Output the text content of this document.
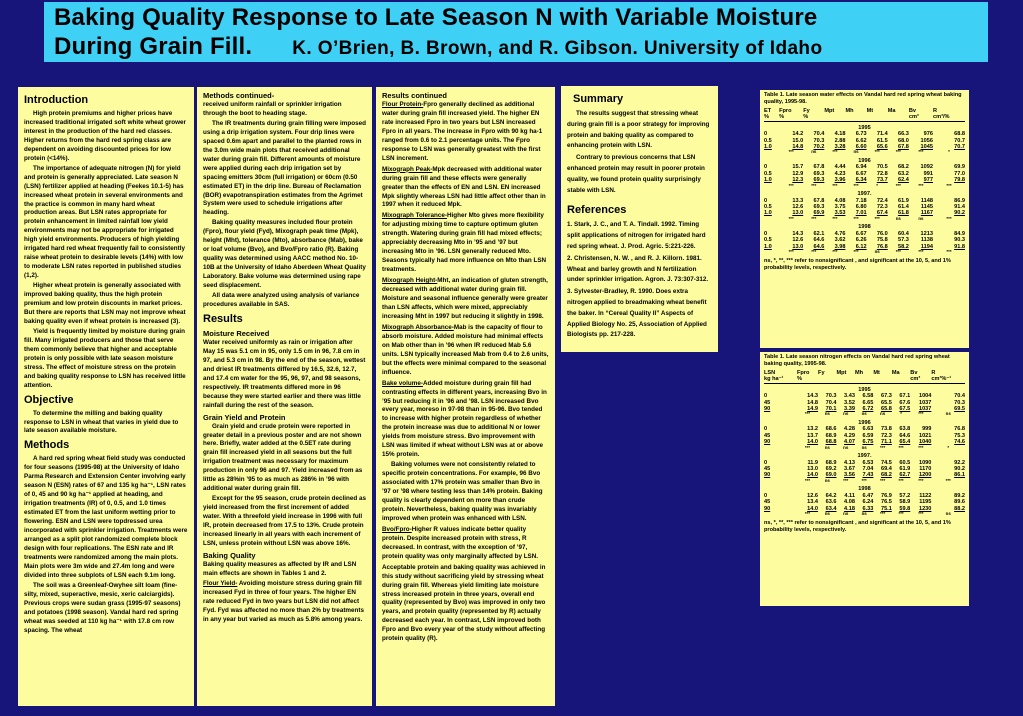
Baking Quality Response to Late Season N with Variable Moisture
During Grain Fill. K. O’Brien, B. Brown, and R. Gibson. University of Idaho
Introduction

High protein premiums and higher prices have increased traditional irrigated soft white wheat grower interest in the production of the hard red classes. Higher returns from the hard red spring class are dependent on avoiding discounted prices for low protein (<14%).

The importance of adequate nitrogen (N) for yield and protein is generally appreciated. Late season N (LSN) fertilizer applied at heading (Feekes 10.1-5) has increased wheat protein in several environments and the practice is common in many hard wheat production areas. But LSN rates appropriate for protein enhancement in limited rainfall low yield environments may not be appropriate for irrigated high yield environments. Producers of high yielding irrigated hard red wheat frequently fail to consistently raise wheat protein to desirable levels (14%) with low to moderate LSN rates reported in published studies (1,2).

Higher wheat protein is generally associated with improved baking quality, thus the high protein premium and low protein discounts in market prices. But there are reports that LSN may not improve wheat baking quality even if wheat protein is increased (3).

Yield is frequently limited by moisture during grain fill. Many irrigated producers and those that serve them commonly believe that higher and acceptable protein is only possible with late season moisture stress. The effect of moisture stress on the protein and baking quality response to LSN has received little attention.

Objective

To determine the milling and baking quality response to LSN in wheat that varies in yield due to late season available moisture.

Methods

A hard red spring wheat field study was conducted for four seasons (1995-98) at the University of Idaho Parma Research and Extension Center involving early season N (ESN) rates of 67 and 135 kg ha⁻¹, LSN rates of 0, 45 and 90 kg ha⁻¹ applied at heading, and irrigation treatments (IR) of 0, 0.5, and 1.0 times estimated ET from the last uniform wetting prior to flowering. ESN and LSN were topdressed urea incorporated with sprinkler irrigation. Treatments were arranged as a split plot randomized complete block design with four replications. The ESN rate and IR treatments were randomized among the main plots. Main plots were 3m wide and 27.4m long and were divided into three subplots of LSN each 9.1m long.

The soil was a Greenleaf-Owyhee silt loam (fine-silty, mixed, superactive, mesic, xeric calciargids). Previous crops were sudan grass (1995-97 seasons) and potatoes (1998 season). Vandal hard red spring wheat was seeded at 110 kg ha⁻¹ with 17.8 cm row spacing. The wheat

Methods continued-

received uniform rainfall or sprinkler irrigation through the boot to heading stage.

The IR treatments during grain filling were imposed using a drip irrigation system. Four drip lines were spaced 0.6m apart and parallel to the planted rows in the 3.0m wide main plots that received additional water during grain fill. Different amounts of moisture were applied during each drip irrigation set by spacing emitters 30cm (full irrigation) or 60cm (0.50 estimated ET) in the drip line. Bureau of Reclamation (BOR) evapotranspiration estimates from the Agrimet System were used to schedule irrigations after heading.

Baking quality measures included flour protein (Fpro), flour yield (Fyd), Mixograph peak time (Mpk), height (Mht), tolerance (Mto), absorbance (Mab), bake or loaf volume (Bvo), and Bvo/Fpro ratio (R). Baking quality was determined using AACC method No. 10-10B at the University of Idaho Aberdeen Wheat Quality Laboratory. Bake volume was determined using rape seed displacement.

All data were analyzed using analysis of variance procedures available in SAS.

Results
Moisture Received

Water received uniformly as rain or irrigation after May 15 was 5.1 cm in 95, only 1.5 cm in 96, 7.8 cm in 97, and 5.3 cm in 98. By the end of the season, wettest and driest IR treatments differed by 16.5, 32.6, 12.7, and 17.4 cm water for the 95, 96, 97, and 98 seasons, respectively. IR treatments differed more in 96 because they were started earlier and there was little rainfall during the rest of the season.

Grain Yield and Protein

Grain yield and crude protein were reported in greater detail in a previous poster and are not shown here. Briefly, water added at the 0.5ET rate during grain fill increased yield in all seasons but the full irrigation treatment was necessary for maximum production in only 96 and 97. Yield increased from as little as 28%in ’95 to as much as 286% in ’96 with additional water during grain fill.

Except for the 95 season, crude protein declined as yield increased from the first increment of added water. With a threefold yield increase in 1996 with full IR, protein decreased from 17.5 to 13%. Crude protein increased linearly in all years with each increment of LSN, unless protein without LSN was above 16%.

Baking Quality

Baking quality measures as affected by IR and LSN main effects are shown in Tables 1 and 2.

Flour Yield- Avoiding moisture stress during grain fill increased Fyd in three of four years. The higher EN rate reduced Fyd in two years but LSN did not affect Fyd. Fyd was affected no more than 2% by treatments in any year but varied as much as 5.8% among years.

Results continued

Flour Protein-Fpro generally declined as additional water during grain fill increased yield. The higher EN rate increased Fpro in two years but LSN increased Fpro in all years. The increase in Fpro with 90 kg ha-1 ranged from 0.6 to 2.1 percentage units. The Fpro response to LSN was generally greatest with the first LSN increment.

Mixograph Peak-Mpk decreased with additional water during grain fill and these effects were generally greater than the effects of EN and LSN. EN increased Mpk slightly whereas LSN had little affect other than in 1997 when it reduced Mpk.

Mixograph Tolerance-Higher Mto gives more flexibility for adjusting mixing time to capture optimum gluten strength. Watering during grain fill had mixed effects; appreciably decreasing Mto in ’95 and ’97 but increasing Mto in ’96. LSN generally reduced Mto. Seasons typically had more influence on Mto than LSN treatments.

Mixograph Height-Mht, an indication of gluten strength, decreased with additional water during grain fill. Moisture and seasonal influence generally were greater than LSN affects, which were mixed, appreciably increasing Mht in 1997 but reducing it slightly in 1998.

Mixograph Absorbance-Mab is the capacity of flour to absorb moisture. Added moisture had minimal effects on Mab other than in ’96 when IR reduced Mab 5.6 units. LSN typically increased Mab from 0.4 to 2.6 units, but the effects were minimal compared to the seasonal influence.

Bake volume-Added moisture during grain fill had contrasting effects in different years, increasing Bvo in ’95 but reducing it in ’96 and ’98. LSN increased Bvo every year, moreso in 97-98 than in 95-96. Bvo tended to increase with higher protein regardless of whether the protein increase was due to additional N or lower yields from moisture stress. Bvo improvement with LSN was limited if wheat without LSN was at or above 15% protein.

Baking volumes were not consistently related to specific protein concentrations. For example, 96 Bvo associated with 17% protein was smaller than Bvo in ’97 or ’98 where testing less than 14% protein. Baking quality is clearly dependent on more than crude protein. Nevertheless, baking quality was invariably improved when protein was enhanced with LSN.

Bvo/Fpro-Higher R values indicate better quality protein. Despite increased protein with stress, R decreased. In contrast, with the exception of ’97, protein quality was only marginally affected by LSN.

Acceptable protein and baking quality was achieved in this study without sacrificing yield by stressing wheat during grain fill. Whereas yield limiting late moisture stress increased protein in three years, overall end quality (represented by Bvo) was improved in only two years, and protein quality (represented by R) actually decreased each year. In contrast, LSN improved both Fpro and Bvo every year of the study without affecting protein quality (R).

Summary

The results suggest that stressing wheat during grain fill is a poor strategy for improving protein and baking quality as compared to enhancing protein with LSN.

Contrary to previous concerns that LSN enhanced protein may result in poorer protein quality, we found protein quality surprisingly stable with LSN.

References

1. Stark, J. C., and T. A. Tindall. 1992. Timing split applications of nitrogen for irrigated hard red spring wheat. J. Prod. Agric. 5:221-226.

2. Christensen, N. W. , and R. J. Killorn. 1981. Wheat and barley growth and N fertilization under sprinkler irrigation. Agron. J. 73:307-312.

3. Sylvester-Bradley, R. 1990. Does extra nitrogen applied to breadmaking wheat benefit the baker. In “Cereal Quality II” Aspects of Applied Biology No. 25, Association of Applied Biologists pp. 217-228.

Table 1. Late season water effects on Vandal hard red spring wheat baking quality, 1995-98.
ET	Fpro	Fy	Mpt	Mh	Mt	Ma	Bv	R
%	%	%					cm³	cm³/%
1995								
0	14.2	70.4	4.18	6.73	71.4	66.3	976	68.8
0.5	15.0	70.3	2.88	6.62	61.5	68.0	1056	70.7
1.0	14.8	70.2	3.28	6.60	65.6	67.8	1045	70.7
	***	ns	***	ns	***	***	***	*
1996								
0	15.7	67.8	4.44	6.94	70.5	68.2	1092	69.9
0.5	12.9	69.3	4.23	6.67	72.8	63.2	991	77.0
1.0	12.3	69.3	3.96	6.34	73.7	62.4	977	79.8
	***	***	***	***	*	***	***	***
1997.								
0	13.3	67.8	4.08	7.18	72.4	61.9	1148	86.9
0.5	12.6	69.3	3.75	6.80	72.3	61.4	1145	91.4
1.0	13.0	69.9	3.53	7.01	67.4	61.8	1167	90.2
	***	***	***	***	***	ns	ns	***
1998								
0	14.3	62.1	4.76	6.67	76.0	60.4	1213	84.9
0.5	12.6	64.6	3.62	6.26	75.8	57.3	1138	90.3
1.0	13.0	64.6	3.98	6.12	76.8	58.2	1194	91.8
	***	***	***	***	ns	***	***	***
ns, *, **, *** refer to nonsignificant , and significant at the 10, 5, and 1% probability levels, respectively.
Table 1. Late season nitrogen effects on Vandal hard red spring wheat baking quality, 1995-98.
LSN	Fpro	Fy	Mpt	Mh	Mt	Ma	Bv	R
kg ha⁻¹	%						cm³	cm³%⁻¹
1995								
0	14.3	70.3	3.43	6.58	67.3	67.1	1004	70.4
45	14.8	70.4	3.52	6.65	65.5	67.6	1037	70.3
90	14.9	70.1	3.39	6.72	65.8	67.5	1037	69.5
	***	ns	ns	ns	ns	*	***	ns
1996								
0	13.2	68.6	4.28	6.63	73.8	63.8	999	76.8
45	13.7	68.9	4.29	6.59	72.3	64.6	1021	75.3
90	14.0	68.8	4.07	6.75	71.1	65.4	1040	74.6
	***	ns	ns	ns	***	***	***	*
1997.								
0	11.9	68.9	4.13	6.53	74.5	60.5	1090	92.2
45	13.0	69.2	3.67	7.04	69.4	61.9	1170	90.2
90	14.0	69.0	3.56	7.43	68.2	62.7	1200	86.1
	***	ns	***	***	***	***	***	***
1998								
0	12.6	64.2	4.11	6.47	76.9	57.2	1122	89.2
45	13.4	63.6	4.08	6.24	76.5	58.9	1195	89.6
90	14.0	63.4	4.18	6.33	75.1	59.8	1230	88.2
	***	ns	ns	ns	***	***	***	ns
ns, *, **, *** refer to nonsignificant , and significant at the 10, 5, and 1% probability levels, respectively.
